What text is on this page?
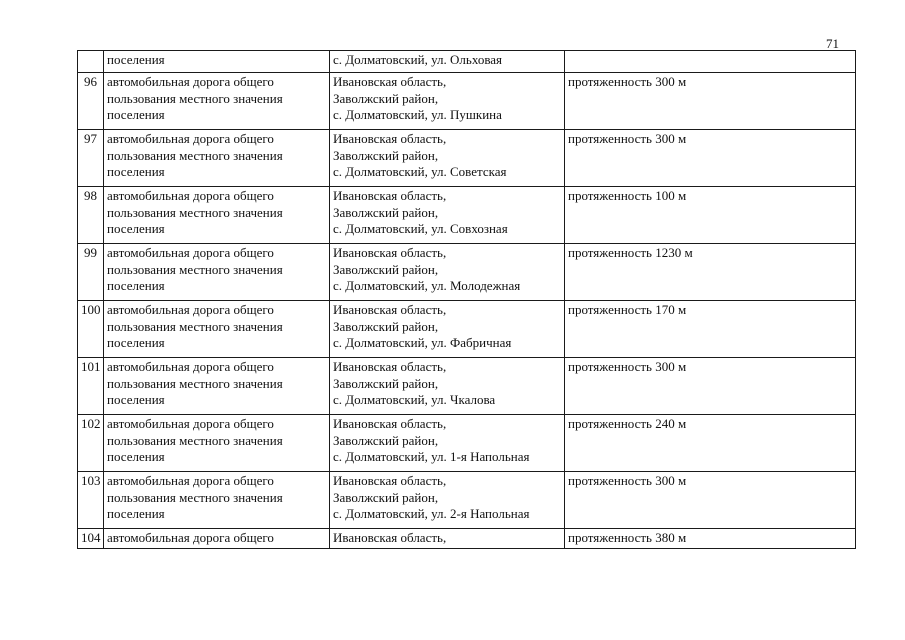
71
	поселения	с. Долматовский, ул. Ольховая	
96	автомобильная дорога общего
пользования местного значения
поселения	Ивановская область,
Заволжский район,
с. Долматовский, ул. Пушкина	протяженность 300 м
97	автомобильная дорога общего
пользования местного значения
поселения	Ивановская область,
Заволжский район,
с. Долматовский, ул. Советская	протяженность 300 м
98	автомобильная дорога общего
пользования местного значения
поселения	Ивановская область,
Заволжский район,
с. Долматовский, ул. Совхозная	протяженность 100 м
99	автомобильная дорога общего
пользования местного значения
поселения	Ивановская область,
Заволжский район,
с. Долматовский, ул. Молодежная	протяженность 1230 м
100	автомобильная дорога общего
пользования местного значения
поселения	Ивановская область,
Заволжский район,
с. Долматовский, ул. Фабричная	протяженность 170 м
101	автомобильная дорога общего
пользования местного значения
поселения	Ивановская область,
Заволжский район,
с. Долматовский, ул. Чкалова	протяженность 300 м
102	автомобильная дорога общего
пользования местного значения
поселения	Ивановская область,
Заволжский район,
с. Долматовский, ул. 1-я Напольная	протяженность 240 м
103	автомобильная дорога общего
пользования местного значения
поселения	Ивановская область,
Заволжский район,
с. Долматовский, ул. 2-я Напольная	протяженность 300 м
104	автомобильная дорога общего	Ивановская область,	протяженность 380 м
